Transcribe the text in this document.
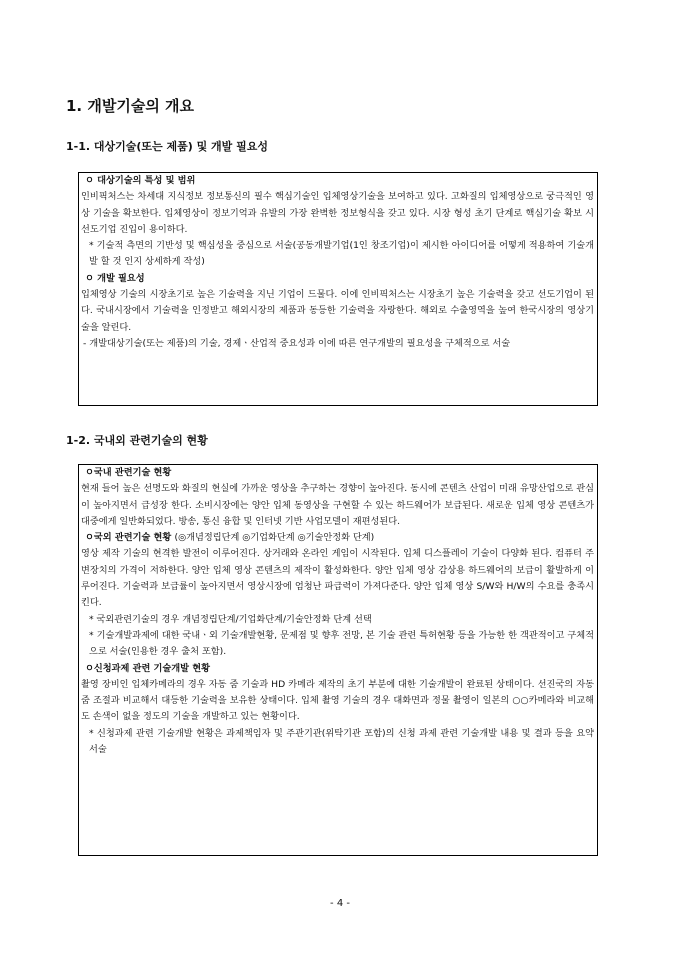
1. 개발기술의 개요
1-1. 대상기술(또는 제품) 및 개발 필요성

ㅇ 대상기술의 특성 및 범위

인비픽처스는 차세대 지식정보 정보통신의 필수 핵심기술인 입체영상기술을 보여하고 있다. 고화질의 입체영상으로 궁극적인 영상 기술을 확보한다. 입체영상이 정보기억과 유발의 가장 완벽한 정보형식을 갖고 있다. 시장 형성 초기 단계로 핵심기술 확보 시 선도기업 진입이 용이하다.

* 기술적 측면의 기반성 및 핵심성을 중심으로 서술(공동개발기업(1인 창조기업)이 제시한 아이디어를 어떻게 적용하여 기술개발 할 것 인지 상세하게 작성)

ㅇ 개발 필요성

입체영상 기술의 시장초기로 높은 기술력을 지닌 기업이 드물다. 이에 인비픽처스는 시장초기 높은 기술력을 갖고 선도기업이 된다. 국내시장에서 기술력을 인정받고 해외시장의 제품과 동등한 기술력을 자랑한다. 해외로 수출영역을 높여 한국시장의 영상기술을 알린다.

- 개발대상기술(또는 제품)의 기술, 경제ㆍ산업적 중요성과 이에 따른 연구개발의 필요성을 구체적으로 서술

1-2. 국내외 관련기술의 현황

ㅇ국내 관련기술 현황

현재 들어 높은 선명도와 화질의 현실에 가까운 영상을 추구하는 경향이 높아진다. 동시에 콘텐츠 산업이 미래 유망산업으로 관심이 높아지면서 급성장 한다. 소비시장에는 양안 입체 동영상을 구현할 수 있는 하드웨어가 보급된다. 새로운 입체 영상 콘텐츠가 대중에게 일반화되었다. 방송, 통신 융합 및 인터넷 기반 사업모델이 재편성된다.

ㅇ국외 관련기술 현황 (◎개념정립단계 ◎기업화단계 ◎기술안정화 단계)

영상 제작 기술의 현격한 발전이 이루어진다. 상거래와 온라인 게임이 시작된다. 입체 디스플레이 기술이 다양화 된다. 컴퓨터 주변장치의 가격이 저하한다. 양안 입체 영상 콘텐츠의 제작이 활성화한다. 양안 입체 영상 감상용 하드웨어의 보급이 활발하게 이루어진다. 기술력과 보급률이 높아지면서 영상시장에 엄청난 파급력이 가져다준다. 양안 입체 영상 S/W와 H/W의 수요를 충족시킨다.

* 국외관련기술의 경우 개념정립단계/기업화단계/기술안정화 단계 선택

* 기술개발과제에 대한 국내ㆍ외 기술개발현황, 문제점 및 향후 전망, 본 기술 관련 특허현황 등을 가능한 한 객관적이고 구체적으로 서술(인용한 경우 출처 포함).

ㅇ신청과제 관련 기술개발 현황

촬영 장비인 입체카메라의 경우 자동 줌 기술과 HD 카메라 제작의 초기 부분에 대한 기술개발이 완료된 상태이다. 선진국의 자동 줌 조절과 비교해서 대등한 기술력을 보유한 상태이다. 입체 촬영 기술의 경우 대화면과 정물 촬영이 일본의 ○○카메라와 비교해도 손색이 없을 정도의 기술을 개발하고 있는 현황이다.

* 신청과제 관련 기술개발 현황은 과제책임자 및 주관기관(위탁기관 포함)의 신청 과제 관련 기술개발 내용 및 결과 등을 요약서술

- 4 -
